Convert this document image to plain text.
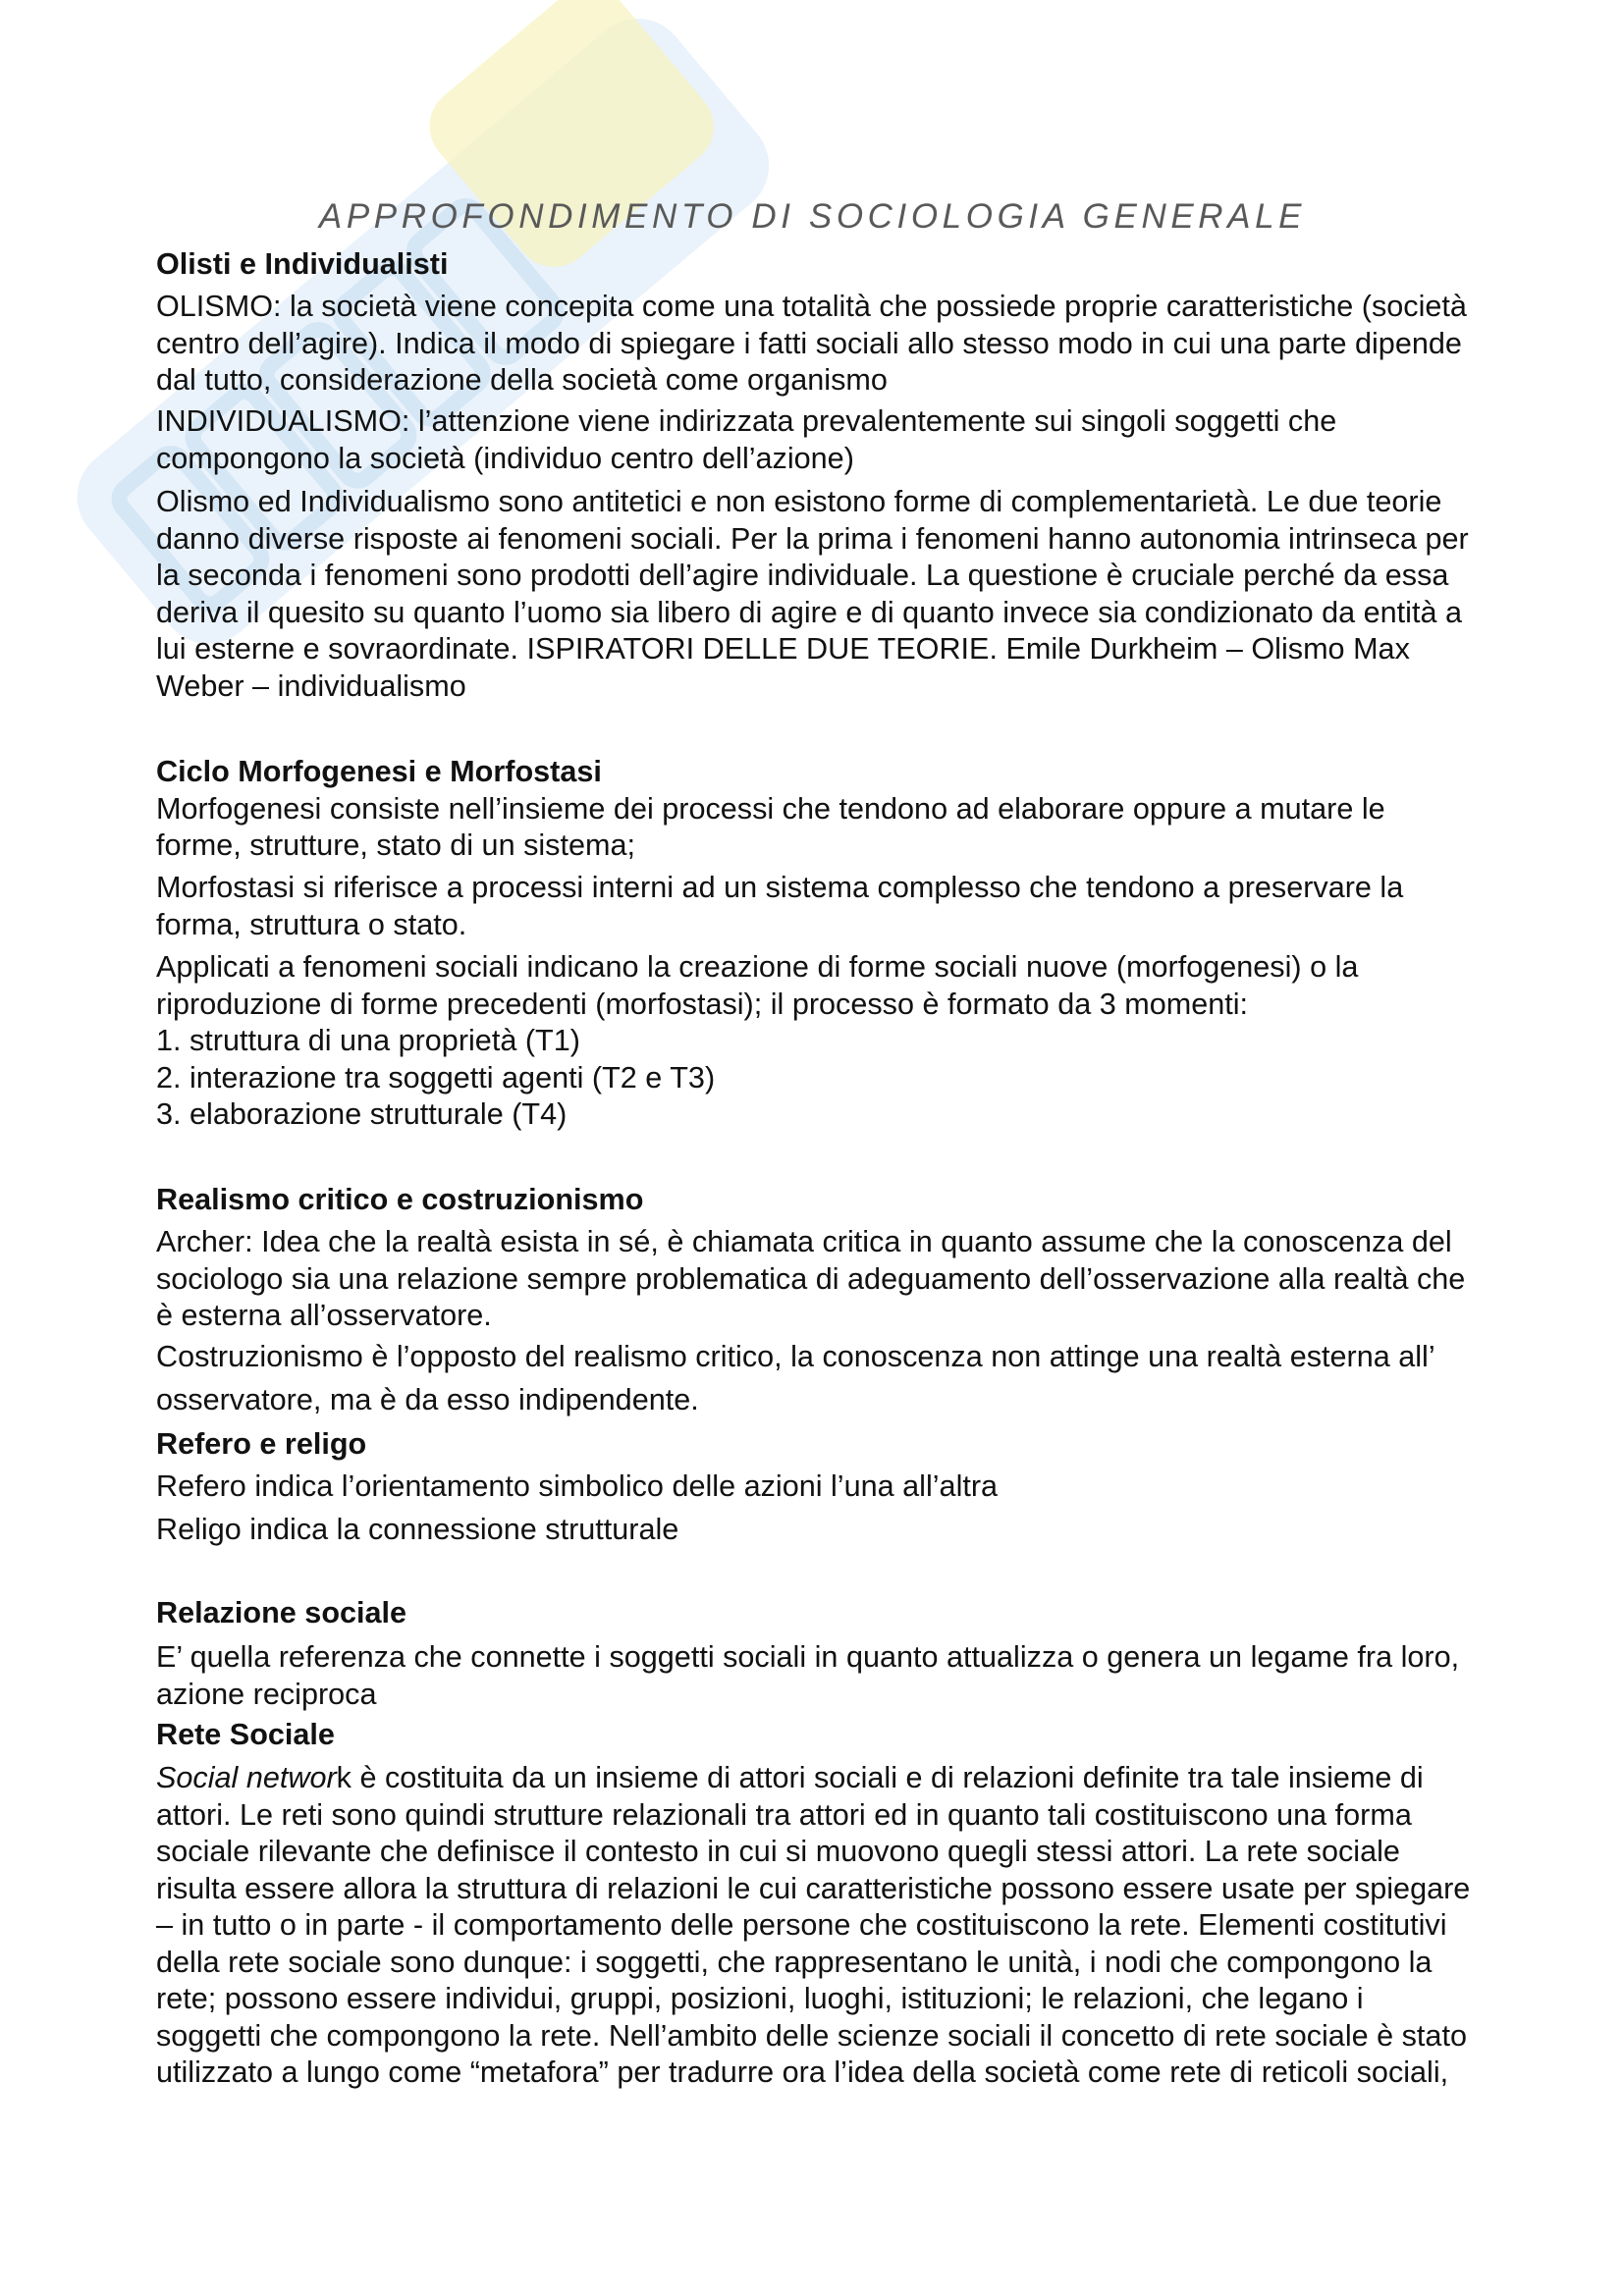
APPROFONDIMENTO DI SOCIOLOGIA GENERALE
Olisti e Individualisti
OLISMO: la società viene concepita come una totalità che possiede proprie caratteristiche (società
centro dell’agire). Indica il modo di spiegare i fatti sociali allo stesso modo in cui una parte dipende
dal tutto, considerazione della società come organismo
INDIVIDUALISMO: l’attenzione viene indirizzata prevalentemente sui singoli soggetti che
compongono la società (individuo centro dell’azione)
Olismo ed Individualismo sono antitetici e non esistono forme di complementarietà. Le due teorie
danno diverse risposte ai fenomeni sociali. Per la prima i fenomeni hanno autonomia intrinseca per
la seconda i fenomeni sono prodotti dell’agire individuale. La questione è cruciale perché da essa
deriva il quesito su quanto l’uomo sia libero di agire e di quanto invece sia condizionato da entità a
lui esterne e sovraordinate. ISPIRATORI DELLE DUE TEORIE. Emile Durkheim – Olismo Max
Weber – individualismo
Ciclo Morfogenesi e Morfostasi
Morfogenesi consiste nell’insieme dei processi che tendono ad elaborare oppure a mutare le
forme, strutture, stato di un sistema;
Morfostasi si riferisce a processi interni ad un sistema complesso che tendono a preservare la
forma, struttura o stato.
Applicati a fenomeni sociali indicano la creazione di forme sociali nuove (morfogenesi) o la
riproduzione di forme precedenti (morfostasi); il processo è formato da 3 momenti:
1. struttura di una proprietà (T1)
2. interazione tra soggetti agenti (T2 e T3)
3. elaborazione strutturale (T4)
Realismo critico e costruzionismo
Archer: Idea che la realtà esista in sé, è chiamata critica in quanto assume che la conoscenza del
sociologo sia una relazione sempre problematica di adeguamento dell’osservazione alla realtà che
è esterna all’osservatore.
Costruzionismo è l’opposto del realismo critico, la conoscenza non attinge una realtà esterna all’
osservatore, ma è da esso indipendente.
Refero e religo
Refero indica l’orientamento simbolico delle azioni l’una all’altra
Religo indica la connessione strutturale
Relazione sociale
E’ quella referenza che connette i soggetti sociali in quanto attualizza o genera un legame fra loro,
azione reciproca
Rete Sociale
Social network è costituita da un insieme di attori sociali e di relazioni definite tra tale insieme di
attori. Le reti sono quindi strutture relazionali tra attori ed in quanto tali costituiscono una forma
sociale rilevante che definisce il contesto in cui si muovono quegli stessi attori. La rete sociale
risulta essere allora la struttura di relazioni le cui caratteristiche possono essere usate per spiegare
– in tutto o in parte - il comportamento delle persone che costituiscono la rete. Elementi costitutivi
della rete sociale sono dunque: i soggetti, che rappresentano le unità, i nodi che compongono la
rete; possono essere individui, gruppi, posizioni, luoghi, istituzioni; le relazioni, che legano i
soggetti che compongono la rete. Nell’ambito delle scienze sociali il concetto di rete sociale è stato
utilizzato a lungo come “metafora” per tradurre ora l’idea della società come rete di reticoli sociali,
